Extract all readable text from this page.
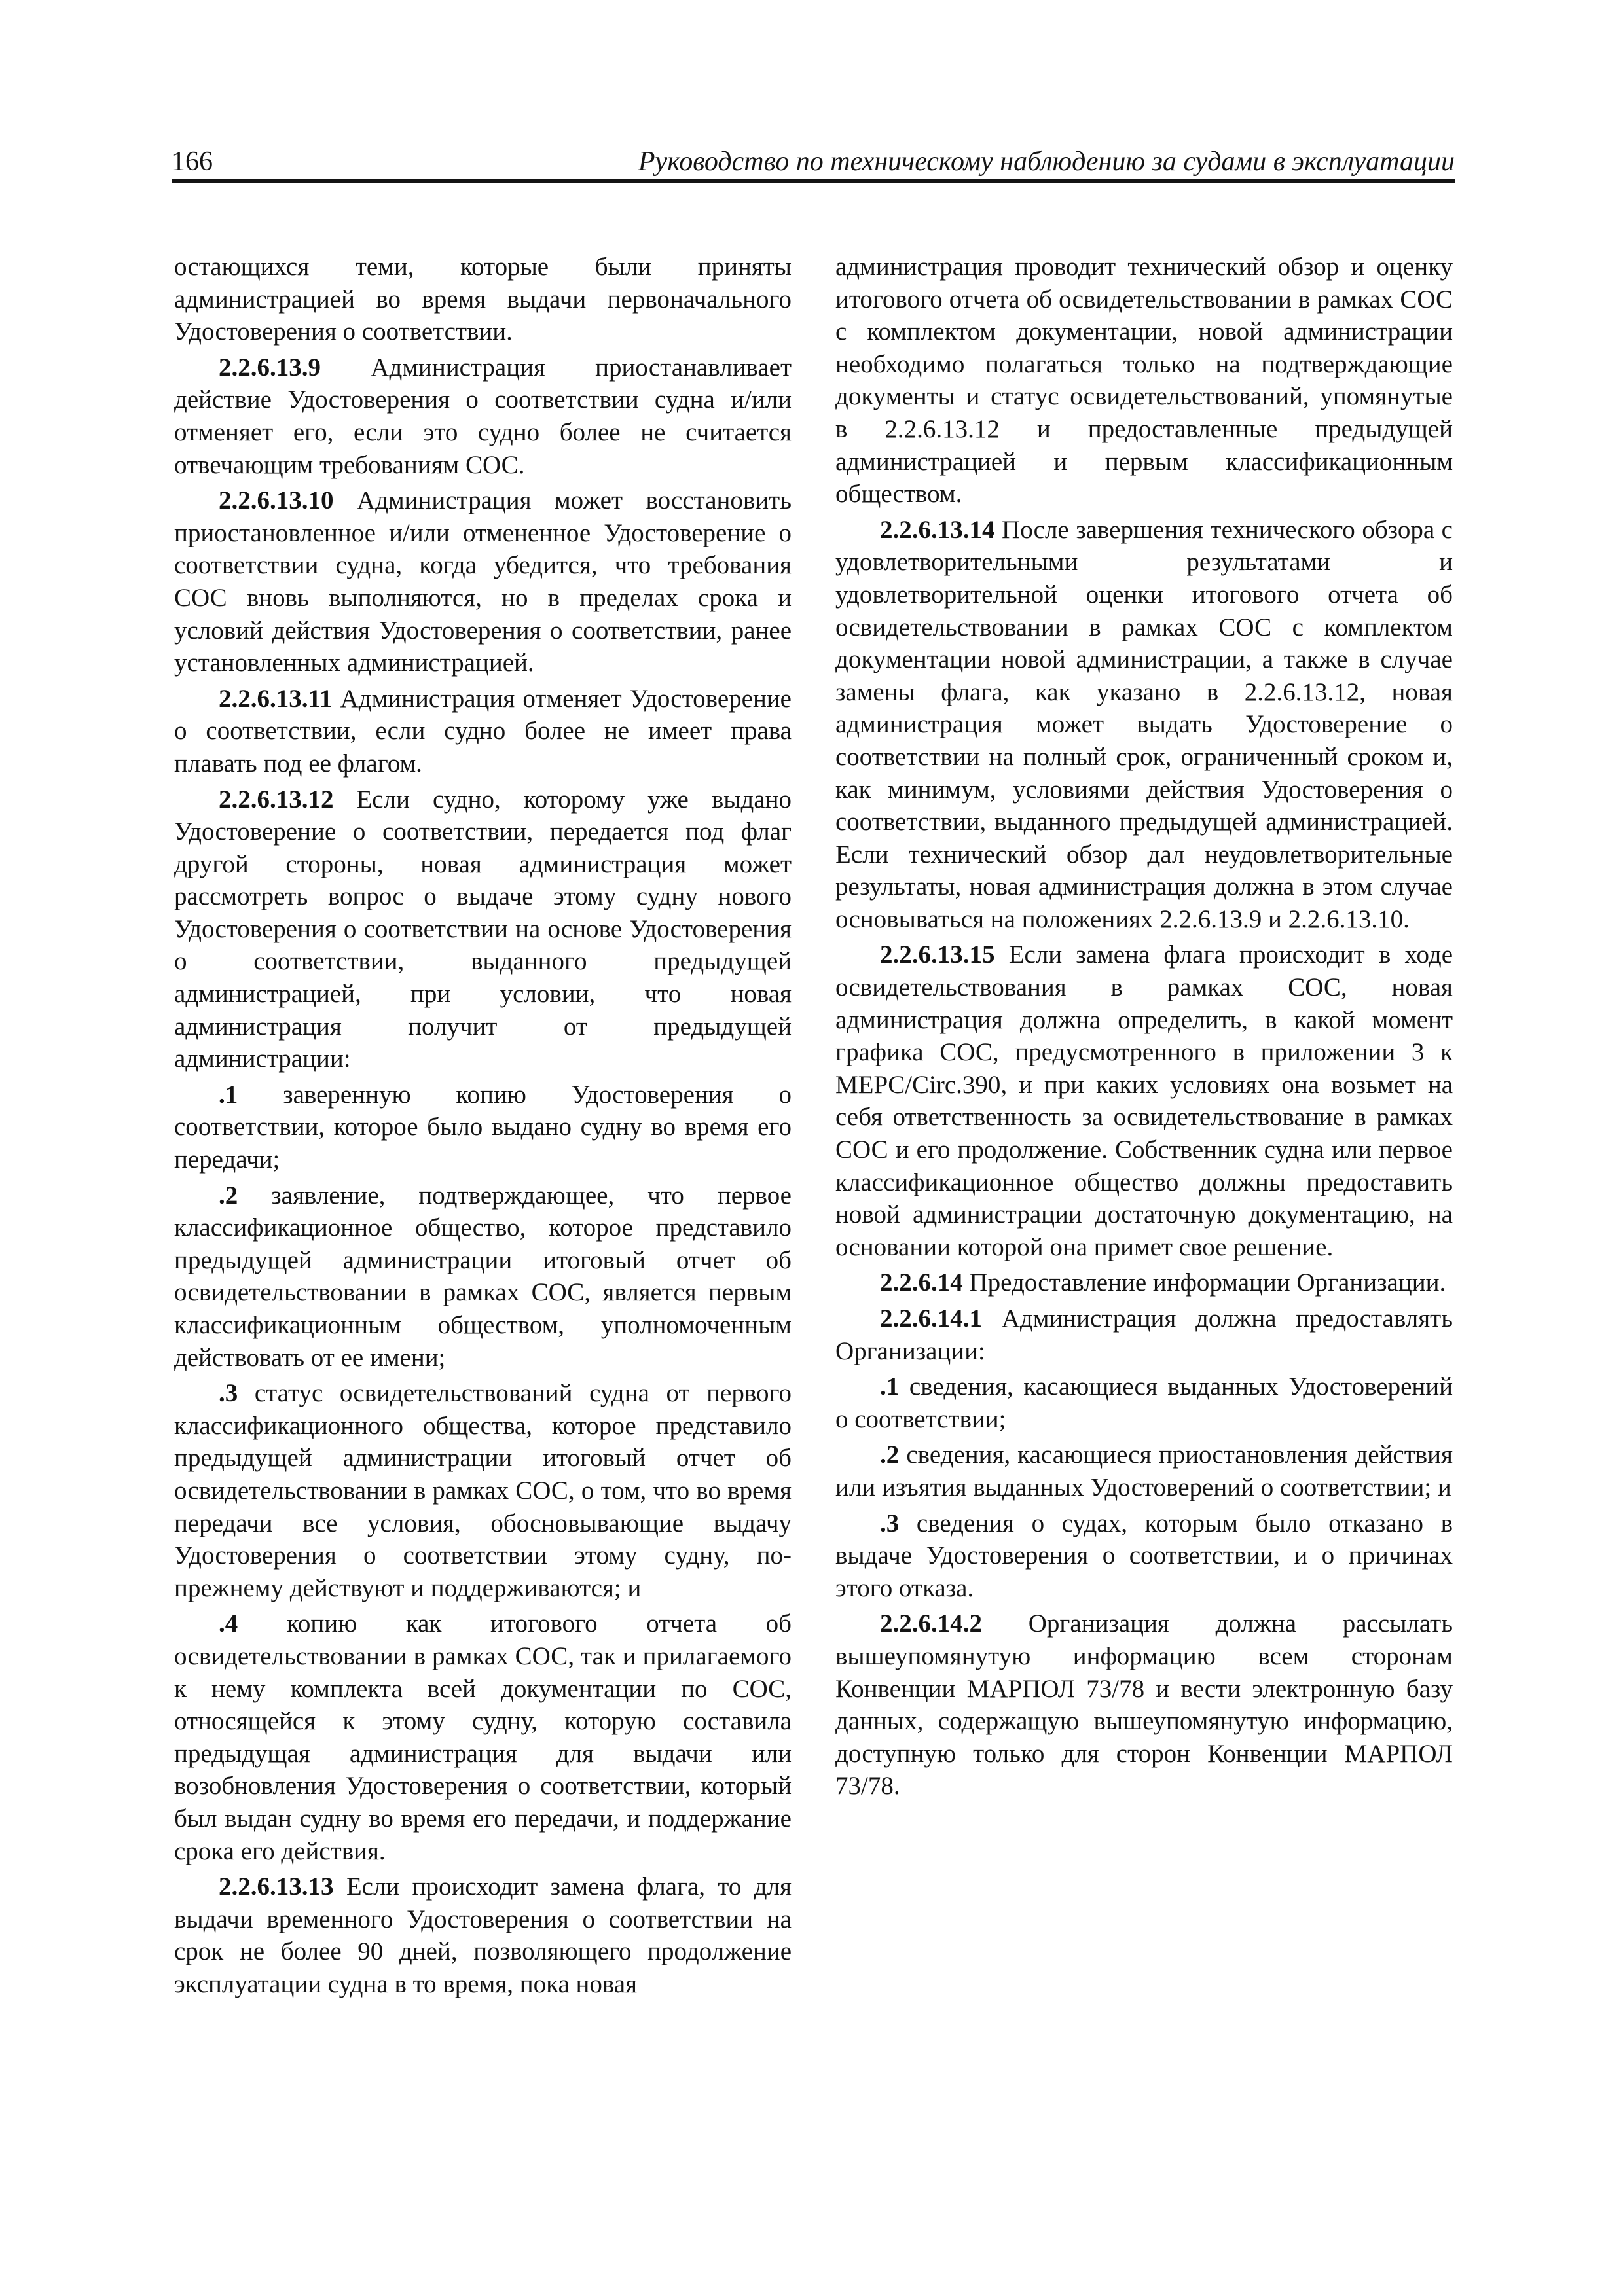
166	Руководство по техническому наблюдению за судами в эксплуатации

остающихся теми, которые были приняты администрацией во время выдачи первоначального Удостоверения о соответствии.

2.2.6.13.9 Администрация приостанавливает действие Удостоверения о соответствии судна и/или отменяет его, если это судно более не считается отвечающим требованиям СОС.

2.2.6.13.10 Администрация может восстановить приостановленное и/или отмененное Удостоверение о соответствии судна, когда убедится, что требования СОС вновь выполняются, но в пределах срока и условий действия Удостоверения о соответствии, ранее установленных администрацией.

2.2.6.13.11 Администрация отменяет Удостоверение о соответствии, если судно более не имеет права плавать под ее флагом.

2.2.6.13.12 Если судно, которому уже выдано Удостоверение о соответствии, передается под флаг другой стороны, новая администрация может рассмотреть вопрос о выдаче этому судну нового Удостоверения о соответствии на основе Удостоверения о соответствии, выданного предыдущей администрацией, при условии, что новая администрация получит от предыдущей администрации:

.1 заверенную копию Удостоверения о соответствии, которое было выдано судну во время его передачи;

.2 заявление, подтверждающее, что первое классификационное общество, которое представило предыдущей администрации итоговый отчет об освидетельствовании в рамках СОС, является первым классификационным обществом, уполномоченным действовать от ее имени;

.3 статус освидетельствований судна от первого классификационного общества, которое представило предыдущей администрации итоговый отчет об освидетельствовании в рамках СОС, о том, что во время передачи все условия, обосновывающие выдачу Удостоверения о соответствии этому судну, по-прежнему действуют и поддерживаются; и

.4 копию как итогового отчета об освидетельствовании в рамках СОС, так и прилагаемого к нему комплекта всей документации по СОС, относящейся к этому судну, которую составила предыдущая администрация для выдачи или возобновления Удостоверения о соответствии, который был выдан судну во время его передачи, и поддержание срока его действия.

2.2.6.13.13 Если происходит замена флага, то для выдачи временного Удостоверения о соответствии на срок не более 90 дней, позволяющего продолжение эксплуатации судна в то время, пока новая

администрация проводит технический обзор и оценку итогового отчета об освидетельствовании в рамках СОС с комплектом документации, новой администрации необходимо полагаться только на подтверждающие документы и статус освидетельствований, упомянутые в 2.2.6.13.12 и предоставленные предыдущей администрацией и первым классификационным обществом.

2.2.6.13.14 После завершения технического обзора с удовлетворительными результатами и удовлетворительной оценки итогового отчета об освидетельствовании в рамках СОС с комплектом документации новой администрации, а также в случае замены флага, как указано в 2.2.6.13.12, новая администрация может выдать Удостоверение о соответствии на полный срок, ограниченный сроком и, как минимум, условиями действия Удостоверения о соответствии, выданного предыдущей администрацией. Если технический обзор дал неудовлетворительные результаты, новая администрация должна в этом случае основываться на положениях 2.2.6.13.9 и 2.2.6.13.10.

2.2.6.13.15 Если замена флага происходит в ходе освидетельствования в рамках СОС, новая администрация должна определить, в какой момент графика СОС, предусмотренного в приложении 3 к MEPC/Circ.390, и при каких условиях она возьмет на себя ответственность за освидетельствование в рамках СОС и его продолжение. Собственник судна или первое классификационное общество должны предоставить новой администрации достаточную документацию, на основании которой она примет свое решение.

2.2.6.14 Предоставление информации Организации.

2.2.6.14.1 Администрация должна предоставлять Организации:

.1 сведения, касающиеся выданных Удостоверений о соответствии;

.2 сведения, касающиеся приостановления действия или изъятия выданных Удостоверений о соответствии; и

.3 сведения о судах, которым было отказано в выдаче Удостоверения о соответствии, и о причинах этого отказа.

2.2.6.14.2 Организация должна рассылать вышеупомянутую информацию всем сторонам Конвенции МАРПОЛ 73/78 и вести электронную базу данных, содержащую вышеупомянутую информацию, доступную только для сторон Конвенции МАРПОЛ 73/78.
